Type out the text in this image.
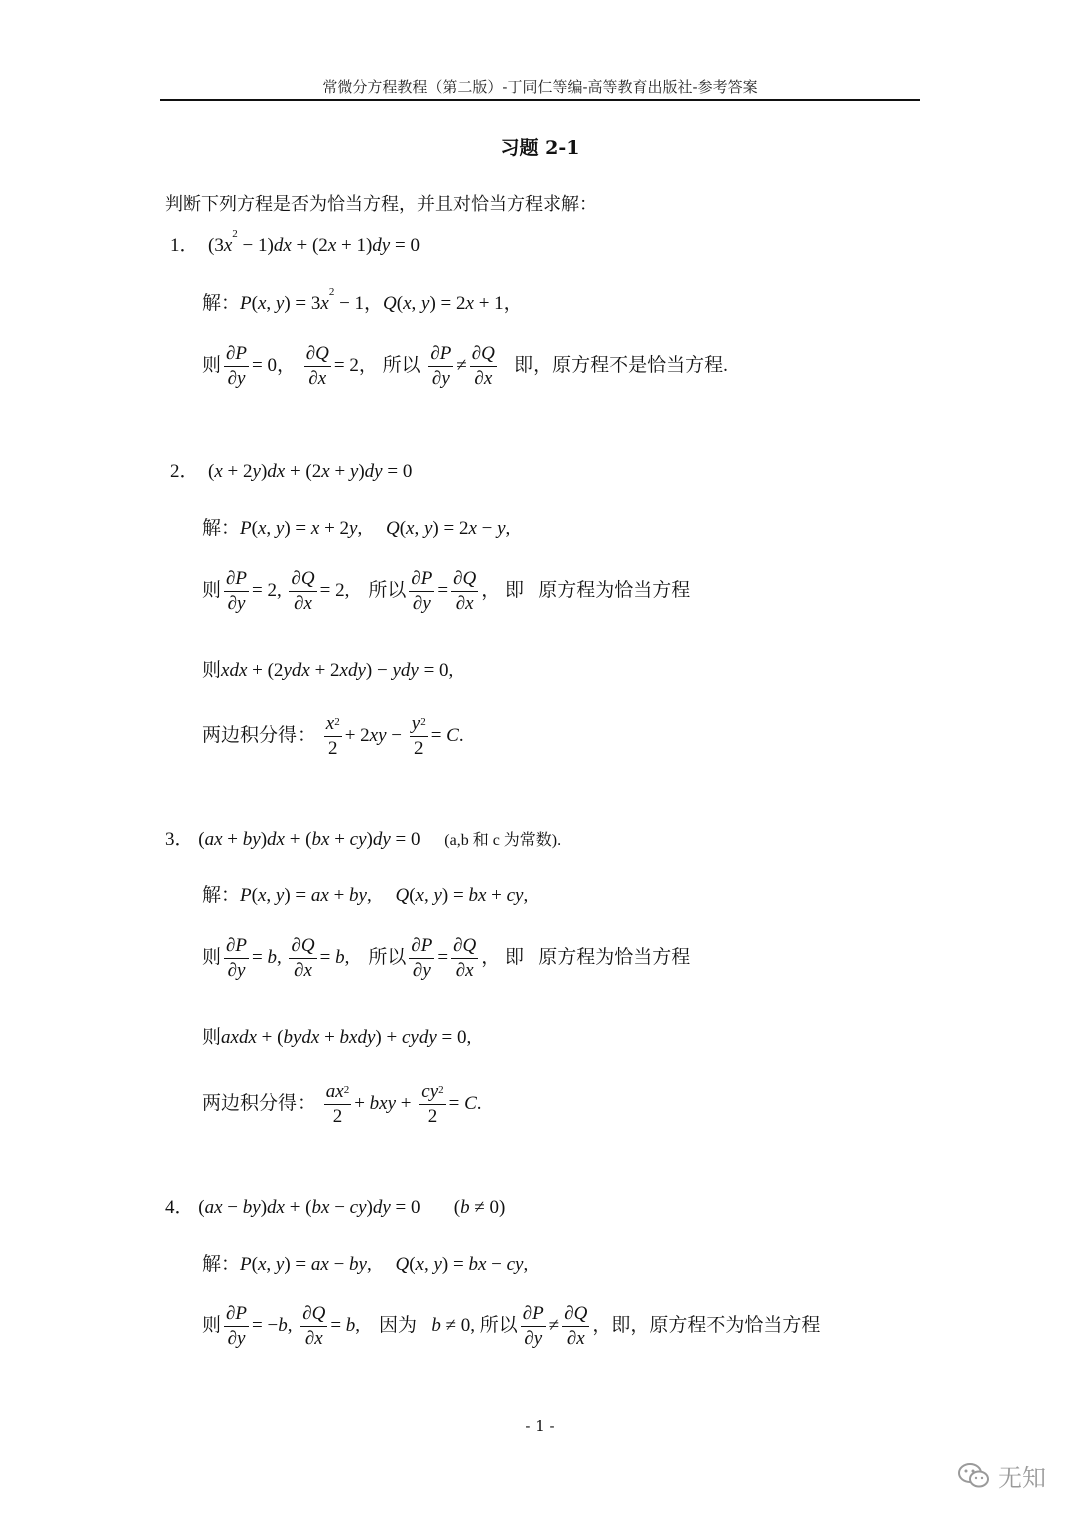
常微分方程教程（第二版）-丁同仁等编-高等教育出版社-参考答案
习题 2-1
判断下列方程是否为恰当方程，并且对恰当方程求解：
1．  $(3x^2 - 1)dx + (2x + 1)dy = 0$
解：P(x, $y) = 3x^2 - 1$，Q(x, y) = 2x + 1，
则 $\frac{\partial P}{\partial y} = 0$， $\frac{\partial Q}{\partial x} = 2$， 所以 $\frac{\partial P}{\partial y} \ne \frac{\partial Q}{\partial x}$ 即，原方程不是恰当方程.
2．  (x + 2y)dx + (2x + y)dy = 0
解：P(x, y) = x + 2y,     Q(x, y) = 2x − y,
则 $\frac{\partial P}{\partial y} = 2$, $\frac{\partial Q}{\partial x} = 2$,    所以 $\frac{\partial P}{\partial y} = \frac{\partial Q}{\partial x}$ ， 即 原方程为恰当方程
则xdx + (2ydx + 2xdy) − ydy = 0,
两边积分得： $\frac{x^2}{2} + 2xy - \frac{y^2}{2} = C$.
3． (ax + by)dx + (bx + cy)dy = 0     (a,b 和 c 为常数).
解：P(x, y) = ax + by,     Q(x, y) = bx + cy,
则 $\frac{\partial P}{\partial y} = b$, $\frac{\partial Q}{\partial x} = b$,    所以 $\frac{\partial P}{\partial y} = \frac{\partial Q}{\partial x}$ ， 即 原方程为恰当方程
则axdx + (bydx + bxdy) + cydy = 0,
两边积分得： $\frac{ax^2}{2}$ + bxy + $\frac{cy^2}{2} = C$.
4． (ax − by)dx + (bx − cy)dy = 0       (b ≠ 0)
解：P(x, y) = ax − by,     Q(x, y) = bx − cy,
则 $\frac{\partial P}{\partial y} = -b$, $\frac{\partial Q}{\partial x} = b$,    因为 b ≠ 0, 所以 $\frac{\partial P}{\partial y} \ne \frac{\partial Q}{\partial x}$ ，即，原方程不为恰当方程
- 1 -
无知
